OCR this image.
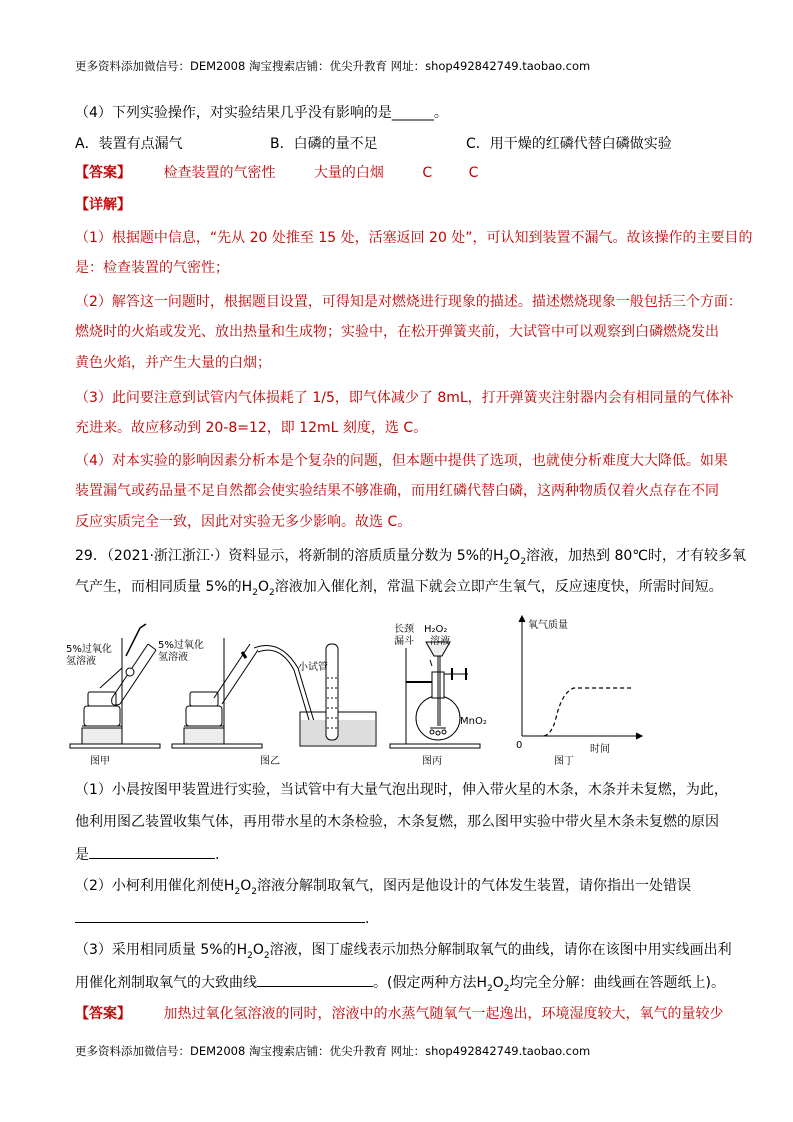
更多资料添加微信号：DEM2008 淘宝搜索店铺：优尖升教育 网址：shop492842749.taobao.com
（4）下列实验操作，对实验结果几乎没有影响的是______。
A．装置有点漏气	B．白磷的量不足	C．用干燥的红磷代替白磷做实验
【答案】 检查装置的气密性	大量的白烟	C	C
【详解】
（1）根据题中信息，“先从 20 处推至 15 处，活塞返回 20 处”，可认知到装置不漏气。故该操作的主要目的
是：检查装置的气密性；
（2）解答这一问题时，根据题目设置，可得知是对燃烧进行现象的描述。描述燃烧现象一般包括三个方面：
燃烧时的火焰或发光、放出热量和生成物；实验中，在松开弹簧夹前，大试管中可以观察到白磷燃烧发出
黄色火焰，并产生大量的白烟；
（3）此问要注意到试管内气体损耗了 1/5，即气体减少了 8mL，打开弹簧夹注射器内会有相同量的气体补
充进来。故应移动到 20-8=12，即 12mL 刻度，选 C。
（4）对本实验的影响因素分析本是个复杂的问题，但本题中提供了选项，也就使分析难度大大降低。如果
装置漏气或药品量不足自然都会使实验结果不够准确，而用红磷代替白磷，这两种物质仅着火点存在不同
反应实质完全一致，因此对实验无多少影响。故选 C。
29．（2021·浙江浙江·）资料显示，将新制的溶质质量分数为 5%的$H_2O_2$溶液，加热到 80℃时，才有较多氧
气产生，而相同质量 5%的$H_2O_2$溶液加入催化剂，常温下就会立即产生氧气，反应速度快，所需时间短。
5%过氧化
氢溶液
5%过氧化
氢溶液
小试管
长颈
漏斗
H₂O₂
溶液
MnO₂
氧气质量
时间
0
图甲	图乙	图丙	图丁
（1）小晨按图甲装置进行实验，当试管中有大量气泡出现时，伸入带火星的木条，木条并未复燃，为此，
他利用图乙装置收集气体，再用带水星的木条检验，木条复燃，那么图甲实验中带火星木条未复燃的原因
是	.
（2）小柯利用催化剂使$H_2O_2$溶液分解制取氧气，图丙是他设计的气体发生装置，请你指出一处错误
.
（3）采用相同质量 5%的$H_2O_2$溶液，图丁虚线表示加热分解制取氧气的曲线，请你在该图中用实线画出利
用催化剂制取氧气的大致曲线	。(假定两种方法$H_2O_2$均完全分解：曲线画在答题纸上)。
【答案】 加热过氧化氢溶液的同时，溶液中的水蒸气随氧气一起逸出，环境湿度较大，氧气的量较少
更多资料添加微信号：DEM2008 淘宝搜索店铺：优尖升教育 网址：shop492842749.taobao.com
